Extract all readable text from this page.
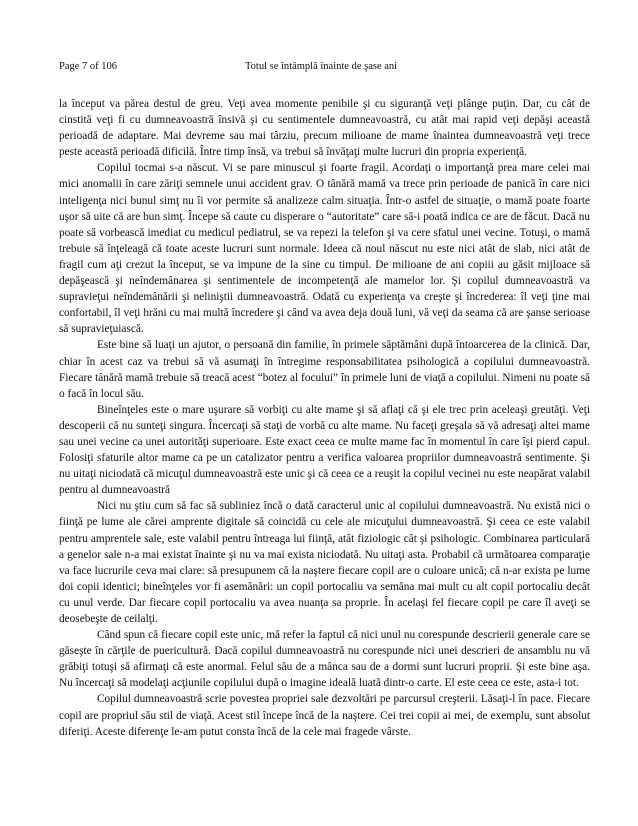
Page 7 of 106	Totul se întâmplă înainte de şase ani

la început va părea destul de greu. Veţi avea momente penibile şi cu siguranţă veţi plânge puţin. Dar, cu cât de cinstită veţi fi cu dumneavoastră însivă şi cu sentimentele dumneavoastră, cu atât mai rapid veţi depăşi această perioadă de adaptare. Mai devreme sau mai târziu, precum milioane de mame înaintea dumneavoastră veţi trece peste această perioadă dificilă. Între timp însă, va trebui să învăţaţi multe lucruri din propria experienţă.

Copilul tocmai s-a născut. Vi se pare minuscul şi foarte fragil. Acordaţi o importanţă prea mare celei mai mici anomalii în care zăriţi semnele unui accident grav. O tânără mamă va trece prin perioade de panică în care nici inteligenţa nici bunul simţ nu îi vor permite să analizeze calm situaţia. Într-o astfel de situaţie, o mamă poate foarte uşor să uite că are bun simţ. Începe să caute cu disperare o “autoritate” care să-i poată indica ce are de făcut. Dacă nu poate să vorbească imediat cu medicul pediatrul, se va repezi la telefon şi va cere sfatul unei vecine. Totuşi, o mamă trebuie să înţeleagă că toate aceste lucruri sunt normale. Ideea că noul născut nu este nici atât de slab, nici atât de fragil cum aţi crezut la început, se va impune de la sine cu timpul. De milioane de ani copiii au găsit mijloace să depăşească şi neîndemânarea şi sentimentele de incompetenţă ale mamelor lor. Şi copilul dumneavoastră va supravieţui neîndemânării şi neliniştii dumneavoastră. Odată cu experienţa va creşte şi încrederea: îl veţi ţine mai confortabil, îl veţi hrăni cu mai multă încredere şi când va avea deja două luni, vă veţi da seama că are şanse serioase să supravieţuiască.

Este bine să luaţi un ajutor, o persoană din familie, în primele săptămâni după întoarcerea de la clinică. Dar, chiar în acest caz va trebui să vă asumaţi în întregime responsabilitatea psihologică a copilului dumneavoastră. Fiecare tânără mamă trebuie să treacă acest “botez al focului” în primele luni de viaţă a copilului. Nimeni nu poate să o facă în locul său.

Bineînţeles este o mare uşurare să vorbiţi cu alte mame şi să aflaţi că şi ele trec prin aceleaşi greutăţi. Veţi descoperii că nu sunteţi singura. Încercaţi să staţi de vorbă cu alte mame. Nu faceţi greşala să vă adresaţi altei mame sau unei vecine ca unei autorităţi superioare. Este exact ceea ce multe mame fac în momentul în care îşi pierd capul. Folosiţi sfaturile altor mame ca pe un catalizator pentru a verifica valoarea propriilor dumneavoastră sentimente. Şi nu uitaţi niciodată că micuţul dumneavoastră este unic şi că ceea ce a reuşit la copilul vecinei nu este neapărat valabil pentru al dumneavoastră

Nici nu ştiu cum să fac să subliniez încă o dată caracterul unic al copilului dumneavoastră. Nu există nici o fiinţă pe lume ale cărei amprente digitale să coincidă cu cele ale micuţului dumneavoastră. Şi ceea ce este valabil pentru amprentele sale, este valabil pentru întreaga lui fiinţă, atât fiziologic cât şi psihologic. Combinarea particulară a genelor sale n-a mai existat înainte şi nu va mai exista niciodată. Nu uitaţi asta. Probabil că următoarea comparaţie va face lucrurile ceva mai clare: să presupunem că la naştere fiecare copil are o culoare unică; că n-ar exista pe lume doi copii identici; bineînţeles vor fi asemănări: un copil portocaliu va semăna mai mult cu alt copil portocaliu decât cu unul verde. Dar fiecare copil portocaliu va avea nuanţa sa proprie. În acelaşi fel fiecare copil pe care îl aveţi se deosebeşte de ceilalţi.

Când spun că fiecare copil este unic, mă refer la faptul că nici unul nu corespunde descrierii generale care se găseşte în cărţile de puericultură. Dacă copilul dumneavoastră nu corespunde nici unei descrieri de ansamblu nu vă grăbiţi totuşi să afirmaţi că este anormal. Felul său de a mânca sau de a dormi sunt lucruri proprii. Şi este bine aşa. Nu încercaţi să modelaţi acţiunile copilului după o imagine ideală luată dintr-o carte. El este ceea ce este, asta-i tot.

Copilul dumneavoastră scrie povestea propriei sale dezvoltări pe parcursul creşterii. Lăsaţi-l în pace. Fiecare copil are propriul său stil de viaţă. Acest stil începe încă de la naştere. Cei trei copii ai mei, de exemplu, sunt absolut diferiţi. Aceste diferenţe le-am putut consta încă de la cele mai fragede vârste.
